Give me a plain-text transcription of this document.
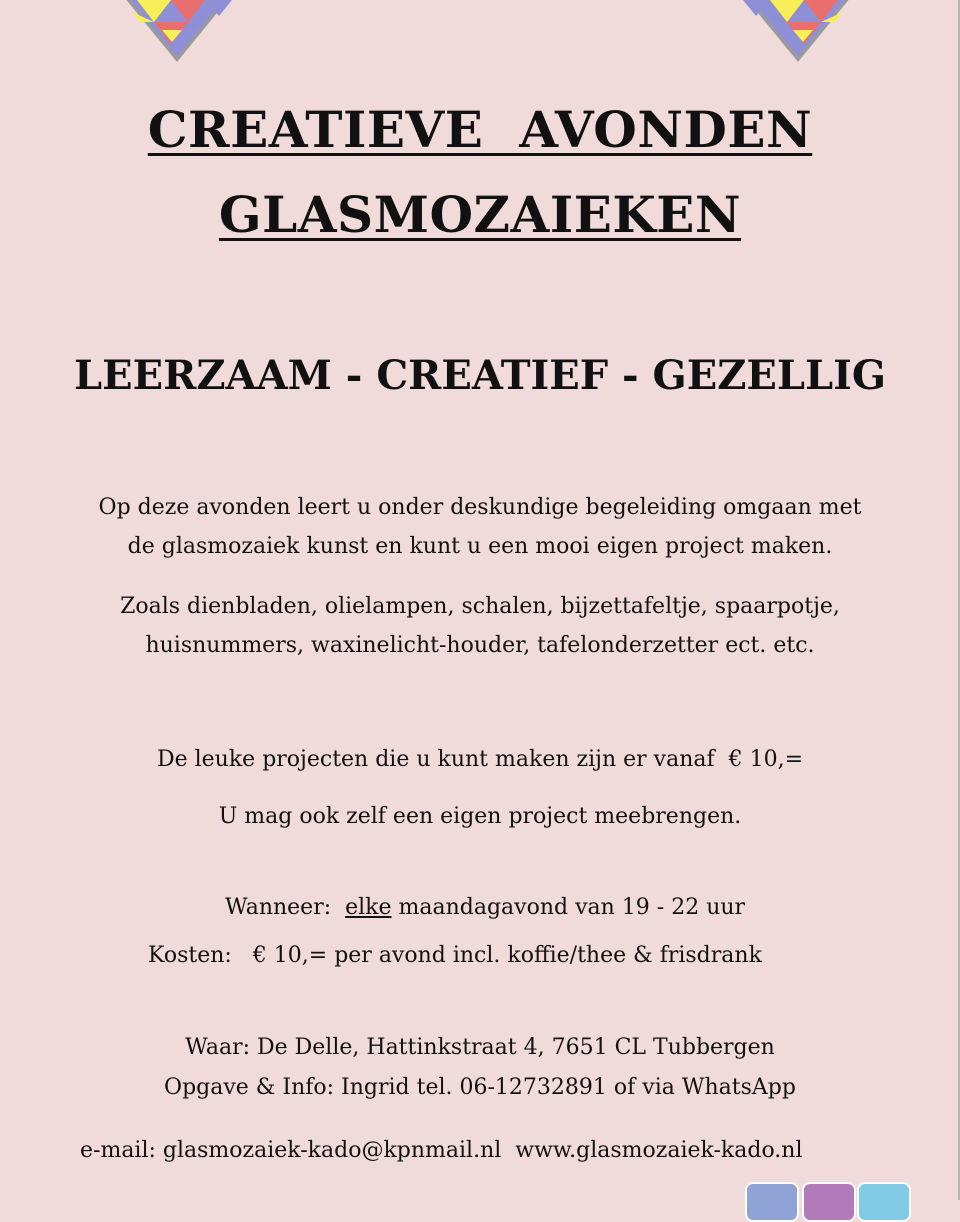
CREATIEVE  AVONDEN
GLASMOZAIEKEN
LEERZAAM - CREATIEF - GEZELLIG
Op deze avonden leert u onder deskundige begeleiding omgaan met
de glasmozaiek kunst en kunt u een mooi eigen project maken.
Zoals dienbladen, olielampen, schalen, bijzettafeltje, spaarpotje,
huisnummers, waxinelicht-houder, tafelonderzetter ect. etc.

De leuke projecten die u kunt maken zijn er vanaf  € 10,=

U mag ook zelf een eigen project meebrengen.

Wanneer:  elke maandagavond van 19 - 22 uur

Kosten:   € 10,= per avond incl. koffie/thee & frisdrank

Waar: De Delle, Hattinkstraat 4, 7651 CL Tubbergen

Opgave & Info: Ingrid tel. 06-12732891 of via WhatsApp

e-mail: glasmozaiek-kado@kpnmail.nl  www.glasmozaiek-kado.nl
